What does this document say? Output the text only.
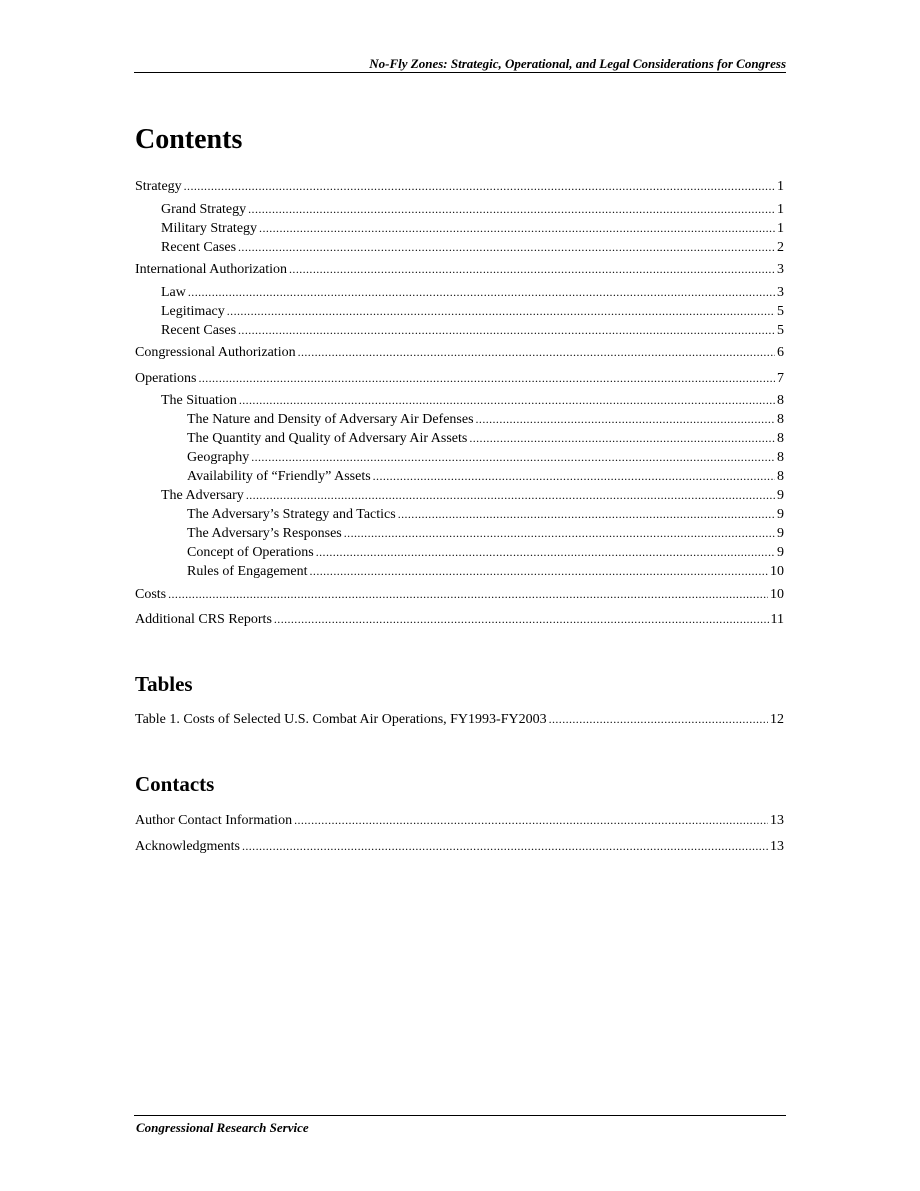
No-Fly Zones: Strategic, Operational, and Legal Considerations for Congress
Contents
Strategy .....	1
Grand Strategy .....	1
Military Strategy .....	1
Recent Cases .....	2
International Authorization .....	3
Law .....	3
Legitimacy .....	5
Recent Cases .....	5
Congressional Authorization .....	6
Operations .....	7
The Situation .....	8
The Nature and Density of Adversary Air Defenses .....	8
The Quantity and Quality of Adversary Air Assets .....	8
Geography .....	8
Availability of “Friendly” Assets .....	8
The Adversary .....	9
The Adversary’s Strategy and Tactics .....	9
The Adversary’s Responses .....	9
Concept of Operations .....	9
Rules of Engagement .....	10
Costs .....	10
Additional CRS Reports .....	11
Tables
Table 1. Costs of Selected U.S. Combat Air Operations, FY1993-FY2003 .....	12
Contacts
Author Contact Information .....	13
Acknowledgments .....	13
Congressional Research Service
